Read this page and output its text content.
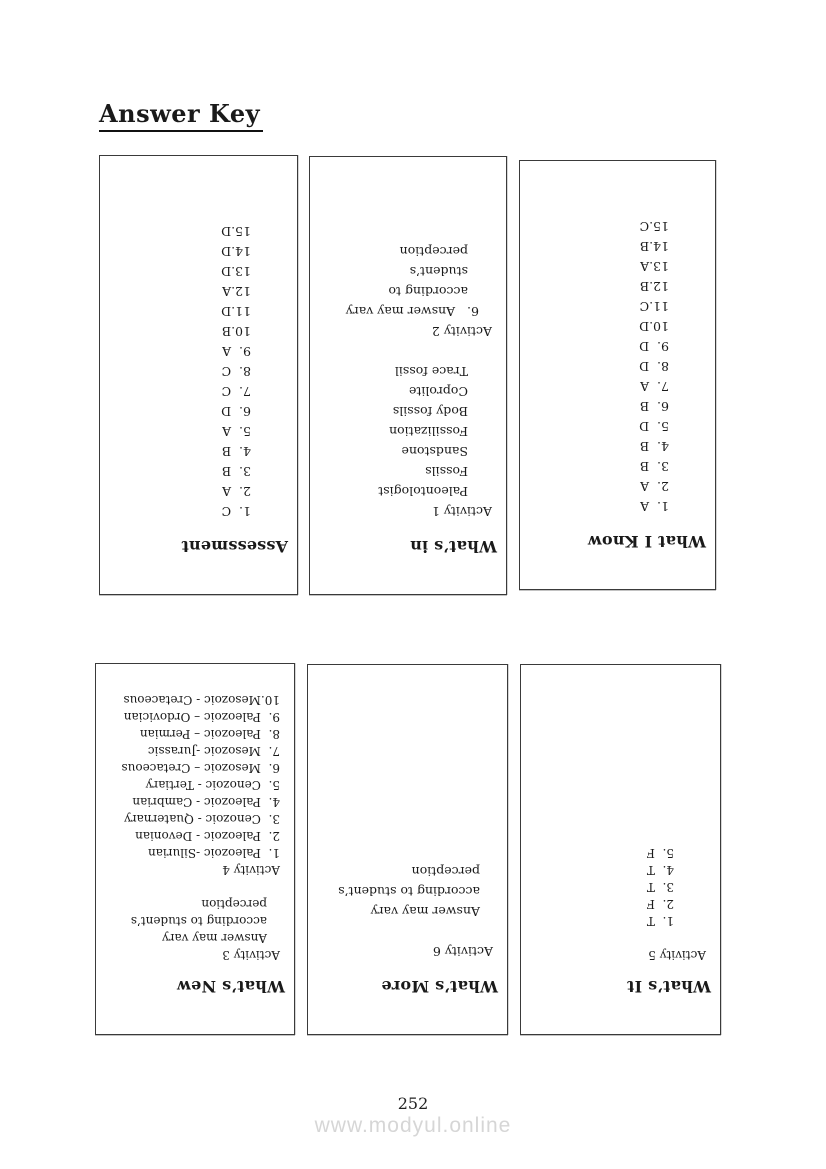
Answer Key
Assessment
1.  C
2.  A
3.  B
4.  B
5.  A
6.  D
7.  C
8.  C
9.  A
10.B
11.D
12.A
13.D
14.D
15.D
What’s in
Activity 1
Paleontologist
Fossils
Sandstone
Fossilization
Body fossils
Coprolite
Trace fossil

Activity 2
6.   Answer may vary
according to
student’s
perception
What I Know
1.  A
2.  A
3.  B
4.  B
5.  D
6.  B
7.  A
8.  D
9.  D
10.D
11.C
12.B
13.A
14.B
15.C
What’s New
Activity 3
Answer may vary
according to student’s
perception

Activity 4
1.  Paleozoic -Silurian
2.  Paleozoic - Devonian
3.  Cenozoic - Quaternary
4.  Paleozoic - Cambrian
5.  Cenozoic - Tertiary
6.  Mesozoic – Cretaceous
7.  Mesozoic -Jurassic
8.  Paleozoic – Permian
9.  Paleozoic – Ordovician
10.Mesozoic - Cretaceous
What’s More
Activity 6

Answer may vary
according to student’s
perception
What’s It
Activity 5

1.  T
2.  F
3.  T
4.  T
5.  F
252
www.modyul.online
